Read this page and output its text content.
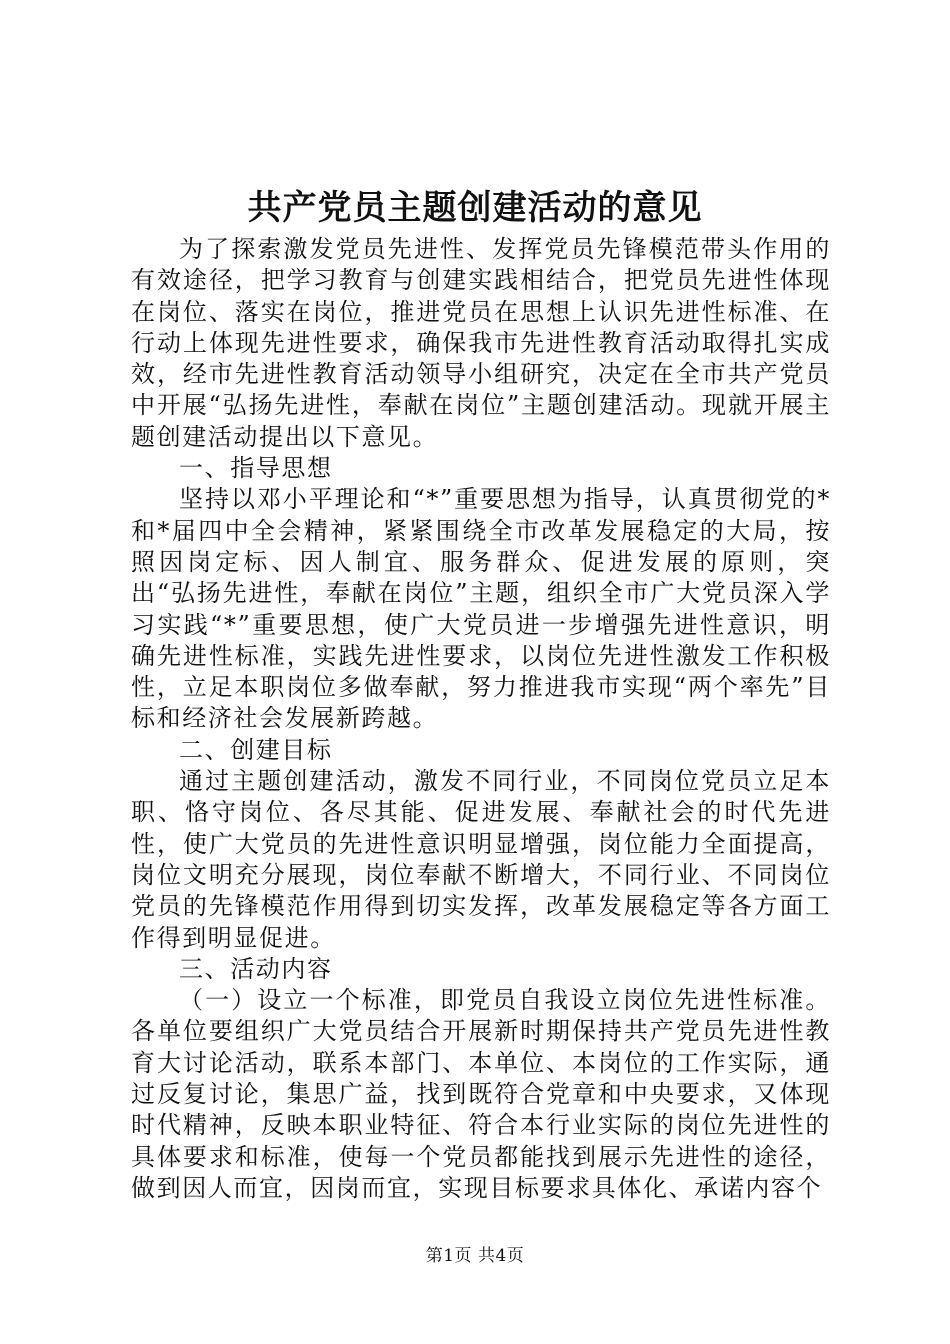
共产党员主题创建活动的意见

为了探索激发党员先进性、发挥党员先锋模范带头作用的有效途径，把学习教育与创建实践相结合，把党员先进性体现在岗位、落实在岗位，推进党员在思想上认识先进性标准、在行动上体现先进性要求，确保我市先进性教育活动取得扎实成效，经市先进性教育活动领导小组研究，决定在全市共产党员中开展“弘扬先进性，奉献在岗位”主题创建活动。现就开展主题创建活动提出以下意见。

一、指导思想

坚持以邓小平理论和“*”重要思想为指导，认真贯彻党的*和*届四中全会精神，紧紧围绕全市改革发展稳定的大局，按照因岗定标、因人制宜、服务群众、促进发展的原则，突出“弘扬先进性，奉献在岗位”主题，组织全市广大党员深入学习实践“*”重要思想，使广大党员进一步增强先进性意识，明确先进性标准，实践先进性要求，以岗位先进性激发工作积极性，立足本职岗位多做奉献，努力推进我市实现“两个率先”目标和经济社会发展新跨越。

二、创建目标

通过主题创建活动，激发不同行业，不同岗位党员立足本职、恪守岗位、各尽其能、促进发展、奉献社会的时代先进性，使广大党员的先进性意识明显增强，岗位能力全面提高，岗位文明充分展现，岗位奉献不断增大，不同行业、不同岗位党员的先锋模范作用得到切实发挥，改革发展稳定等各方面工作得到明显促进。

三、活动内容

（一）设立一个标准，即党员自我设立岗位先进性标准。各单位要组织广大党员结合开展新时期保持共产党员先进性教育大讨论活动，联系本部门、本单位、本岗位的工作实际，通过反复讨论，集思广益，找到既符合党章和中央要求，又体现时代精神，反映本职业特征、符合本行业实际的岗位先进性的具体要求和标准，使每一个党员都能找到展示先进性的途径，做到因人而宜，因岗而宜，实现目标要求具体化、承诺内容个

第1页 共4页
